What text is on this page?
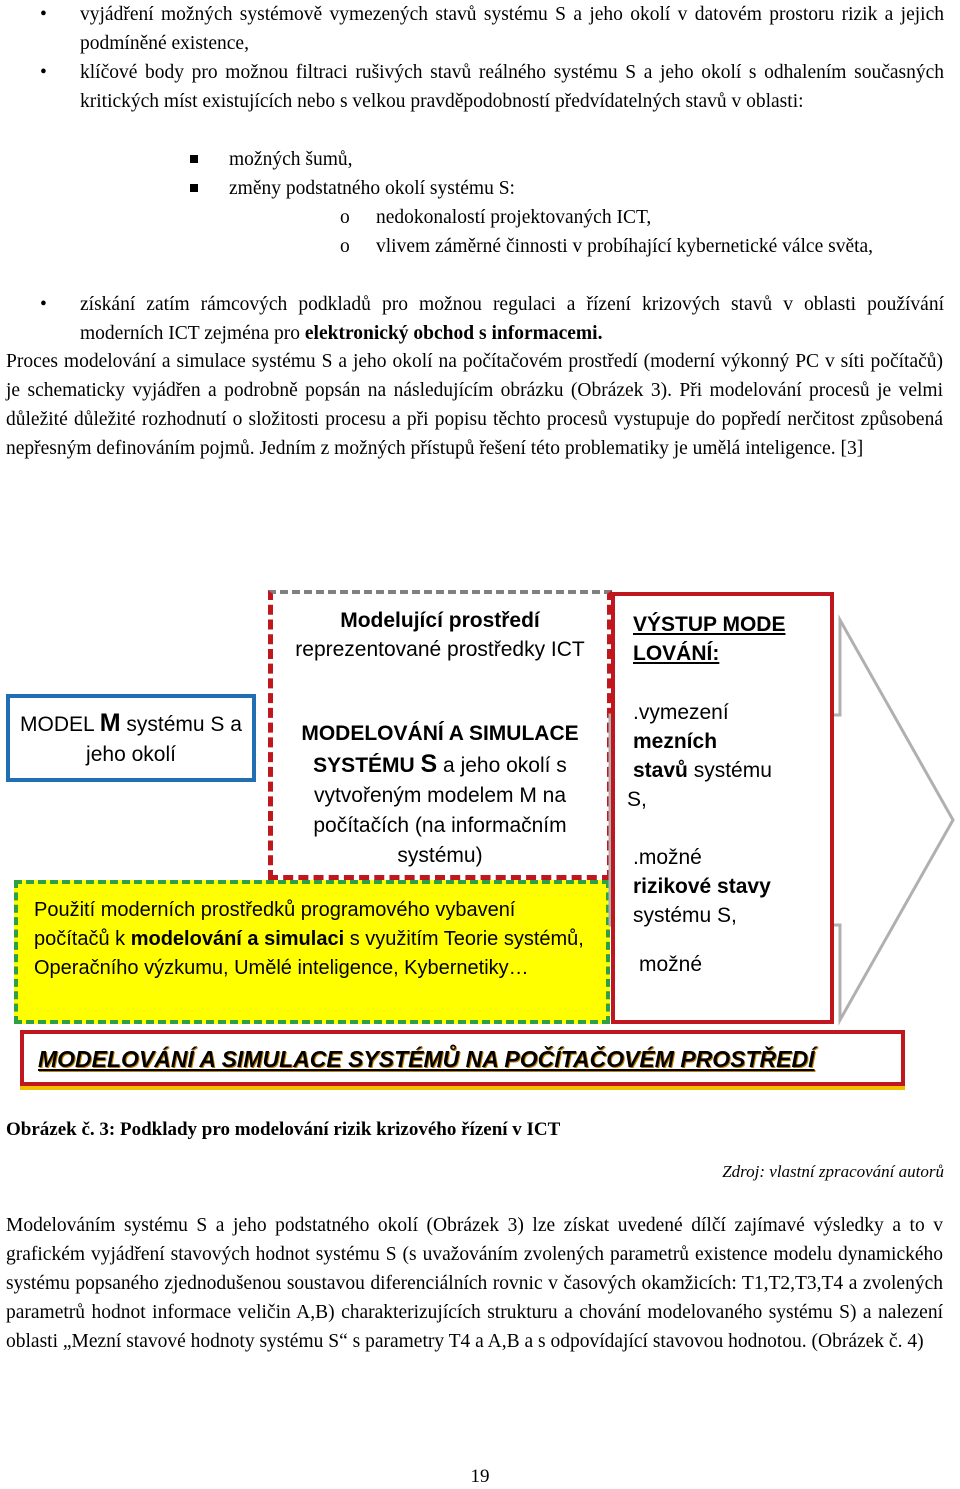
• vyjádření možných systémově vymezených stavů systému S a jeho okolí v datovém prostoru rizik a jejich podmíněné existence,
• klíčové body pro možnou filtraci rušivých stavů reálného systému S a jeho okolí s odhalením současných kritických míst existujících nebo s velkou pravděpodobností předvídatelných stavů v oblasti:
možných šumů,
změny podstatného okolí systému S:
o nedokonalostí projektovaných ICT,
o vlivem záměrné činnosti v probíhající kybernetické válce světa,
• získání zatím rámcových podkladů pro možnou regulaci a řízení krizových stavů v oblasti používání moderních ICT zejména pro elektronický obchod s informacemi.
Proces modelování a simulace systému S a jeho okolí na počítačovém prostředí (moderní výkonný PC v síti počítačů) je schematicky vyjádřen a podrobně popsán na následujícím obrázku (Obrázek 3). Při modelování procesů je velmi důležité důležité rozhodnutí o složitosti procesu a při popisu těchto procesů vystupuje do popředí nerčitost způsobená nepřesným definováním pojmů. Jedním z možných přístupů řešení této problematiky je umělá inteligence. [3]
Použití moderních prostředků programového vybavení počítačů k modelování a simulaci s využitím Teorie systémů, Operačního výzkumu, Umělé inteligence, Kybernetiky…
Modelující prostředí
reprezentované prostředky ICT
MODELOVÁNÍ A SIMULACE SYSTÉMU S a jeho okolí s vytvořeným modelem M na počítačích (na informačním systému)
MODEL M systému S a jeho okolí
VÝSTUP MODELOVÁNÍ:
.vymezení
mezních
stavů systému
S,
.možné
rizikové stavy
systému S,
možné
MODELOVÁNÍ A SIMULACE SYSTÉMŮ NA POČÍTAČOVÉM PROSTŘEDÍ
Obrázek č. 3: Podklady pro modelování rizik krizového řízení v ICT
Zdroj: vlastní zpracování autorů
Modelováním systému S a jeho podstatného okolí (Obrázek 3) lze získat uvedené dílčí zajímavé výsledky a to v grafickém vyjádření stavových hodnot systému S (s uvažováním zvolených parametrů existence modelu dynamického systému popsaného zjednodušenou soustavou diferenciálních rovnic v časových okamžicích: T1,T2,T3,T4 a zvolených parametrů hodnot informace veličin A,B) charakterizujících strukturu a chování modelovaného systému S) a nalezení oblasti „Mezní stavové hodnoty systému S“ s parametry T4 a A,B a s odpovídající stavovou hodnotou. (Obrázek č. 4)
19
